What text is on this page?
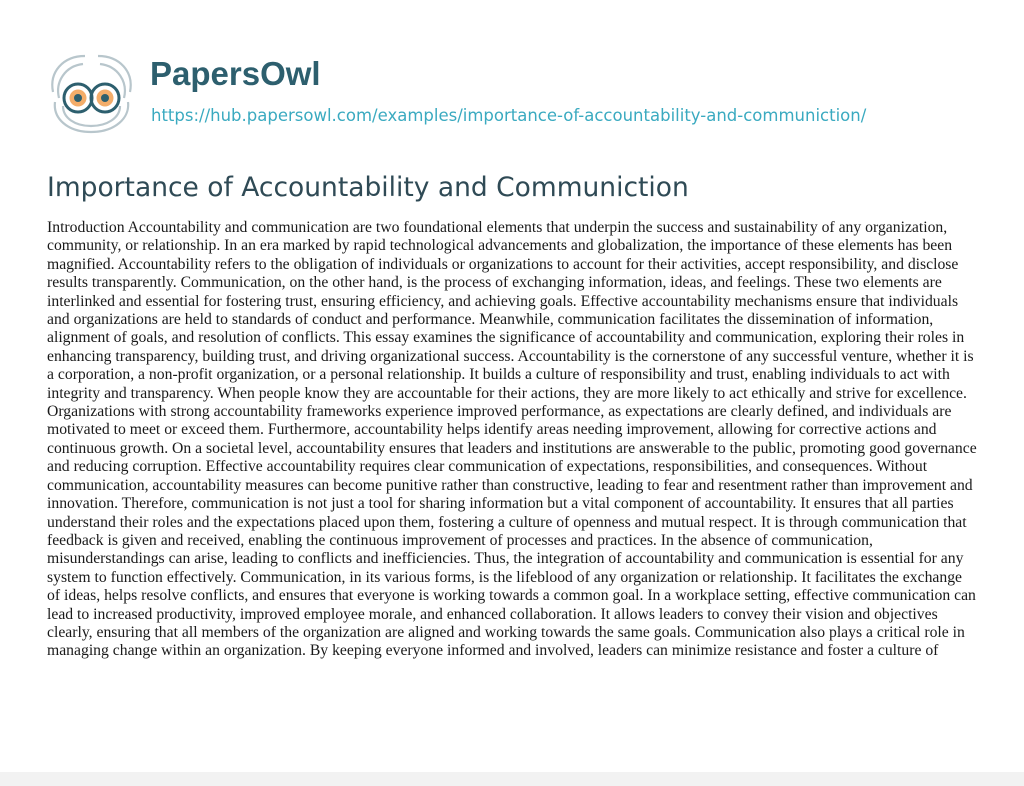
PapersOwl
https://hub.papersowl.com/examples/importance-of-accountability-and-communiction/
Importance of Accountability and Communiction

Introduction Accountability and communication are two foundational elements that underpin the success and sustainability of any organization, community, or relationship. In an era marked by rapid technological advancements and globalization, the importance of these elements has been magnified. Accountability refers to the obligation of individuals or organizations to account for their activities, accept responsibility, and disclose results transparently. Communication, on the other hand, is the process of exchanging information, ideas, and feelings. These two elements are interlinked and essential for fostering trust, ensuring efficiency, and achieving goals. Effective accountability mechanisms ensure that individuals and organizations are held to standards of conduct and performance. Meanwhile, communication facilitates the dissemination of information, alignment of goals, and resolution of conflicts. This essay examines the significance of accountability and communication, exploring their roles in enhancing transparency, building trust, and driving organizational success. Accountability is the cornerstone of any successful venture, whether it is a corporation, a non-profit organization, or a personal relationship. It builds a culture of responsibility and trust, enabling individuals to act with integrity and transparency. When people know they are accountable for their actions, they are more likely to act ethically and strive for excellence. Organizations with strong accountability frameworks experience improved performance, as expectations are clearly defined, and individuals are motivated to meet or exceed them. Furthermore, accountability helps identify areas needing improvement, allowing for corrective actions and continuous growth. On a societal level, accountability ensures that leaders and institutions are answerable to the public, promoting good governance and reducing corruption. Effective accountability requires clear communication of expectations, responsibilities, and consequences. Without communication, accountability measures can become punitive rather than constructive, leading to fear and resentment rather than improvement and innovation. Therefore, communication is not just a tool for sharing information but a vital component of accountability. It ensures that all parties understand their roles and the expectations placed upon them, fostering a culture of openness and mutual respect. It is through communication that feedback is given and received, enabling the continuous improvement of processes and practices. In the absence of communication, misunderstandings can arise, leading to conflicts and inefficiencies. Thus, the integration of accountability and communication is essential for any system to function effectively. Communication, in its various forms, is the lifeblood of any organization or relationship. It facilitates the exchange of ideas, helps resolve conflicts, and ensures that everyone is working towards a common goal. In a workplace setting, effective communication can lead to increased productivity, improved employee morale, and enhanced collaboration. It allows leaders to convey their vision and objectives clearly, ensuring that all members of the organization are aligned and working towards the same goals. Communication also plays a critical role in managing change within an organization. By keeping everyone informed and involved, leaders can minimize resistance and foster a culture of
